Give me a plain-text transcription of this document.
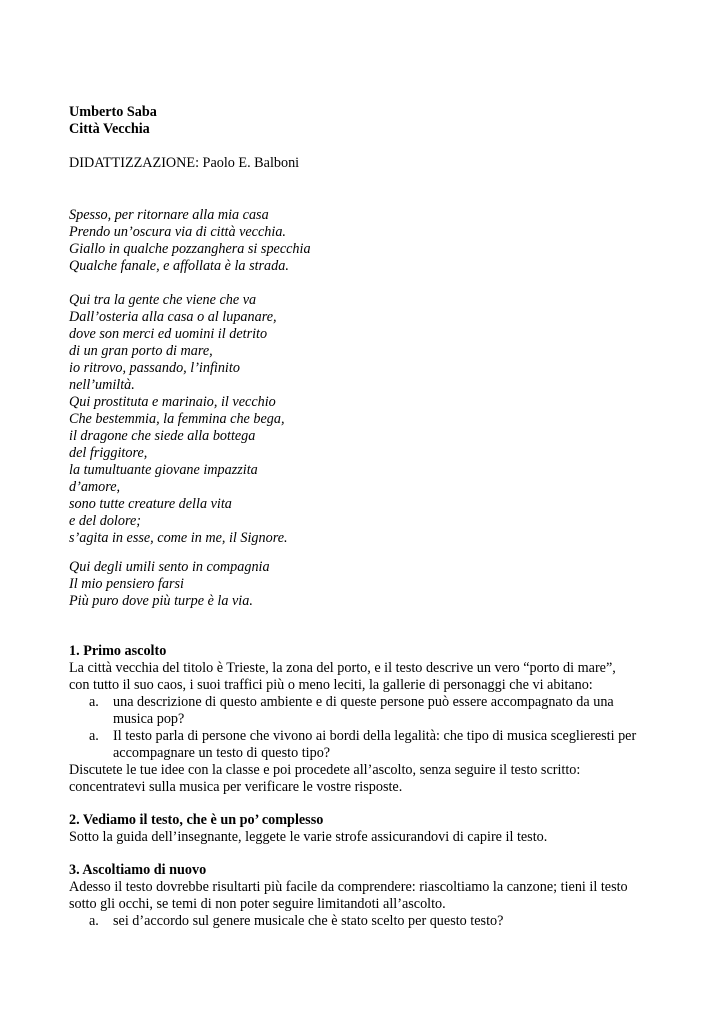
Umberto Saba
Città Vecchia
DIDATTIZZAZIONE: Paolo E. Balboni
Spesso, per ritornare alla mia casa
Prendo un’oscura via di città vecchia.
Giallo in qualche pozzanghera si specchia
Qualche fanale, e affollata è la strada.
Qui tra la gente che viene che va
Dall’osteria alla casa o al lupanare,
dove son merci ed uomini il detrito
di un gran porto di mare,
io ritrovo, passando, l’infinito
nell’umiltà.
Qui prostituta e marinaio, il vecchio
Che bestemmia, la femmina che bega,
il dragone che siede alla bottega
del friggitore,
la tumultuante giovane impazzita
d’amore,
sono tutte creature della vita
e del dolore;
s’agita in esse, come in me, il Signore.
Qui degli umili sento in compagnia
Il mio pensiero farsi
Più puro dove più turpe è la via.
1. Primo ascolto
La città vecchia del titolo è Trieste, la zona del porto, e il testo descrive un vero “porto di mare”,
con tutto il suo caos, i suoi traffici più o meno leciti, la gallerie di personaggi che vi abitano:
a. una descrizione di questo ambiente e di queste persone può essere accompagnato da una
musica pop?
a. Il testo parla di persone che vivono ai bordi della legalità: che tipo di musica sceglieresti per
accompagnare un testo di questo tipo?
Discutete le tue idee con la classe e poi procedete all’ascolto, senza seguire il testo scritto:
concentratevi sulla musica per verificare le vostre risposte.
2. Vediamo il testo, che è un po’ complesso
Sotto la guida dell’insegnante, leggete le varie strofe assicurandovi di capire il testo.
3. Ascoltiamo di nuovo
Adesso il testo dovrebbe risultarti più facile da comprendere: riascoltiamo la canzone; tieni il testo
sotto gli occhi, se temi di non poter seguire limitandoti all’ascolto.
a. sei d’accordo sul genere musicale che è stato scelto per questo testo?
